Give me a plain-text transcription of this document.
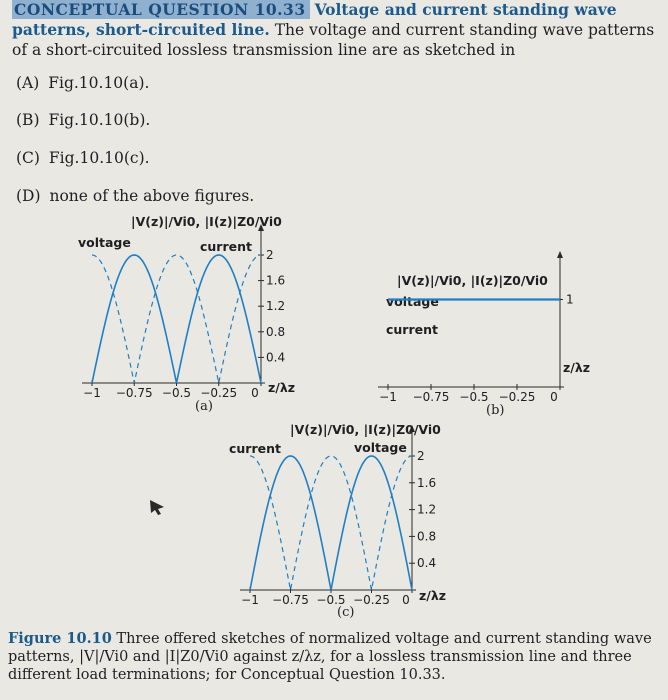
CONCEPTUAL QUESTION 10.33 Voltage and current standing wave patterns, short-circuited line. The voltage and current standing wave patterns of a short-circuited lossless transmission line are as sketched in
(A) Fig.10.10(a).
(B) Fig.10.10(b).
(C) Fig.10.10(c).
(D) none of the above figures.
−1 −0.75 −0.5 −0.25 0
0.4
0.8
1.2
1.6
2
|V(z)|/Vi0, |I(z)|Z0/Vi0
voltage	current
z/λz
(a)
−1 −0.75 −0.5 −0.25 0
1
|V(z)|/Vi0, |I(z)|Z0/Vi0
voltage
current
z/λz
(b)
−1 −0.75 −0.5 −0.25 0
0.4
0.8
1.2
1.6
2
|V(z)|/Vi0, |I(z)|Z0/Vi0
voltage
current
z/λz
(c)
Figure 10.10 Three offered sketches of normalized voltage and current standing wave patterns, |V|/Vi0 and |I|Z0/Vi0 against z/λz, for a lossless transmission line and three different load terminations; for Conceptual Question 10.33.
